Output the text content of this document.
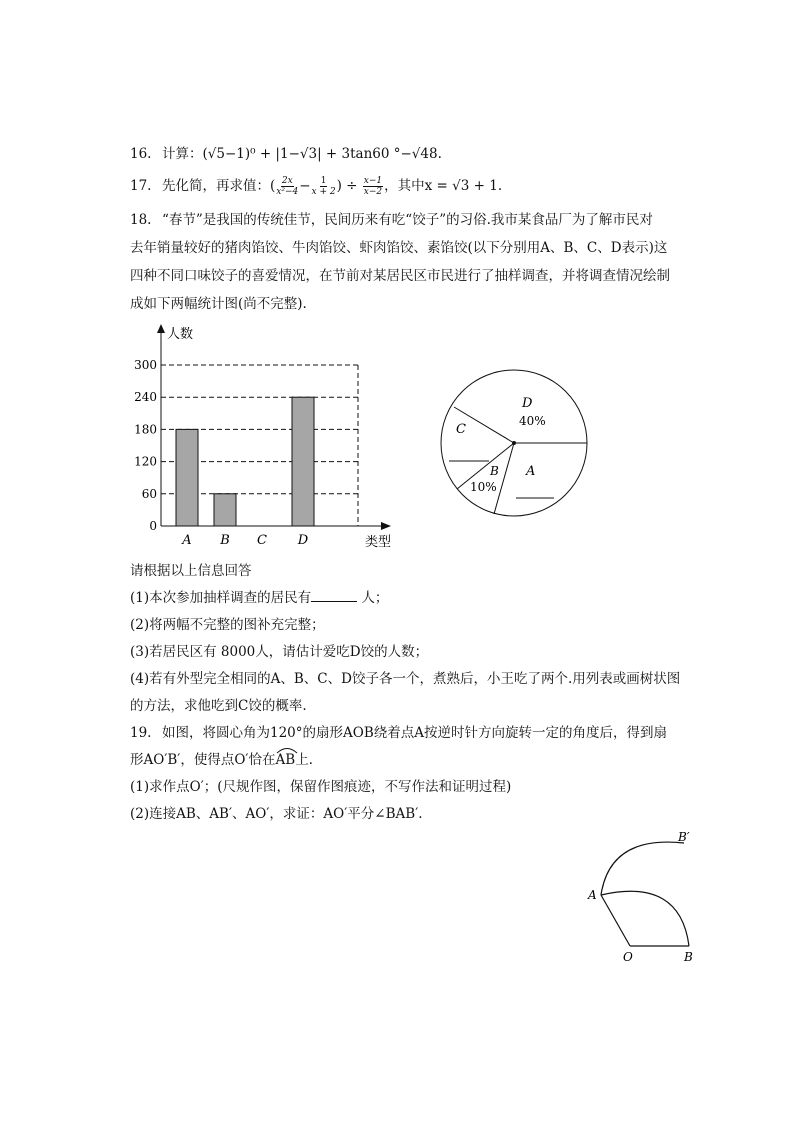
16. 计算：(√5−1)⁰ + |1−√3| + 3tan60 °−√48.
17. 先化简，再求值：( $\frac{2x}{\text{x²−4}} - \frac{1}{x + 2}$ ) ÷ $\frac{x-1}{x-2}$ ，其中x = √3 + 1.
18. “春节”是我国的传统佳节，民间历来有吃“饺子”的习俗.我市某食品厂为了解市民对
去年销量较好的猪肉馅饺、牛肉馅饺、虾肉馅饺、素馅饺(以下分别用A、B、C、D表示)这
四种不同口味饺子的喜爱情况，在节前对某居民区市民进行了抽样调查，并将调查情况绘制
成如下两幅统计图(尚不完整).
0
60
120
180
240
300
A B C D
人数
类型
D
40%
C
B
10%
A
请根据以上信息回答
(1)本次参加抽样调查的居民有	人；
(2)将两幅不完整的图补充完整；
(3)若居民区有 8000人，请估计爱吃D饺的人数；
(4)若有外型完全相同的A、B、C、D饺子各一个，煮熟后，小王吃了两个.用列表或画树状图
的方法，求他吃到C饺的概率.
19. 如图，将圆心角为120°的扇形AOB绕着点A按逆时针方向旋转一定的角度后，得到扇
形AO′B′，使得点O′恰在
AB上.
(1)求作点O′；(尺规作图，保留作图痕迹，不写作法和证明过程)
(2)连接AB、AB′、AO′，求证：AO′平分∠BAB′.
A
O	B
B′
